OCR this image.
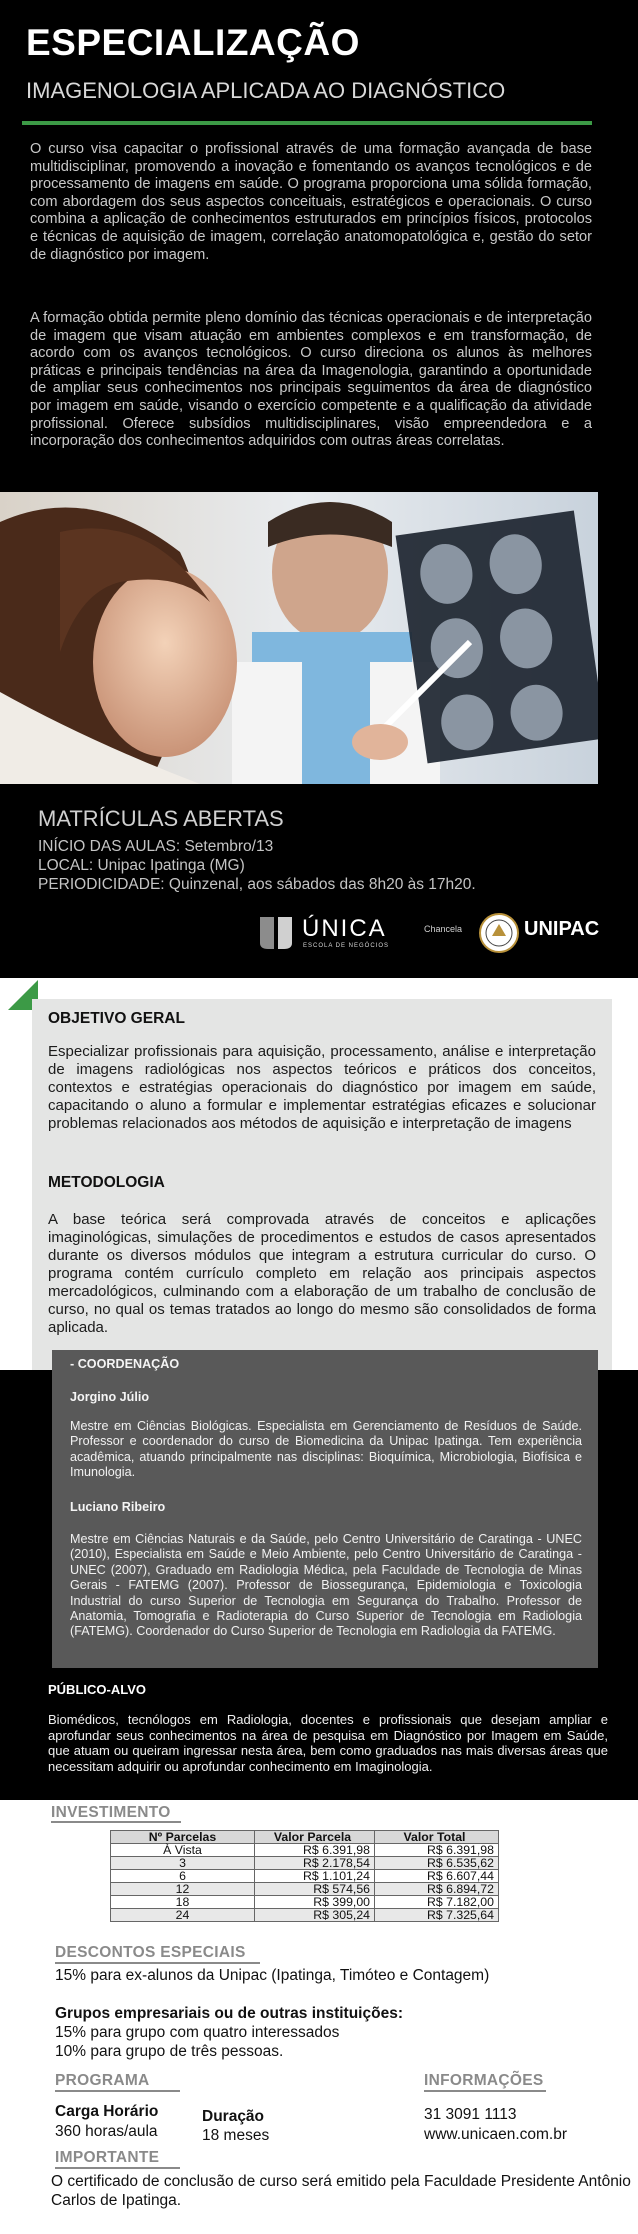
ESPECIALIZAÇÃO
IMAGENOLOGIA APLICADA AO DIAGNÓSTICO

O curso visa capacitar o profissional através de uma formação avançada de base multidisciplinar, promovendo a inovação e fomentando os avanços tecnológicos e de processamento de imagens em saúde. O programa proporciona uma sólida formação, com abordagem dos seus aspectos conceituais, estratégicos e operacionais. O curso combina a aplicação de conhecimentos estruturados em princípios físicos, protocolos e técnicas de aquisição de imagem, correlação anatomopatológica e, gestão do setor de diagnóstico por imagem.

A formação obtida permite pleno domínio das técnicas operacionais e de interpretação de imagem que visam atuação em ambientes complexos e em transformação, de acordo com os avanços tecnológicos. O curso direciona os alunos às melhores práticas e principais tendências na área da Imagenologia, garantindo a oportunidade de ampliar seus conhecimentos nos principais seguimentos da área de diagnóstico por imagem em saúde, visando o exercício competente e a qualificação da atividade profissional. Oferece subsídios multidisciplinares, visão empreendedora e a incorporação dos conhecimentos adquiridos com outras áreas correlatas.

MATRÍCULAS ABERTAS
INÍCIO DAS AULAS: Setembro/13
LOCAL: Unipac Ipatinga (MG)
PERIODICIDADE: Quinzenal, aos sábados das 8h20 às 17h20.
ÚNICA
ESCOLA DE NEGÓCIOS
Chancela	UNIPAC
OBJETIVO GERAL

Especializar profissionais para aquisição, processamento, análise e interpretação de imagens radiológicas nos aspectos teóricos e práticos dos conceitos, contextos e estratégias operacionais do diagnóstico por imagem em saúde, capacitando o aluno a formular e implementar estratégias eficazes e solucionar problemas relacionados aos métodos de aquisição e interpretação de imagens

METODOLOGIA

A base teórica será comprovada através de conceitos e aplicações imaginológicas, simulações de procedimentos e estudos de casos apresentados durante os diversos módulos que integram a estrutura curricular do curso. O programa contém currículo completo em relação aos principais aspectos mercadológicos, culminando com a elaboração de um trabalho de conclusão de curso, no qual os temas tratados ao longo do mesmo são consolidados de forma aplicada.

- COORDENAÇÃO
Jorgino Júlio

Mestre em Ciências Biológicas. Especialista em Gerenciamento de Resíduos de Saúde. Professor e coordenador do curso de Biomedicina da Unipac Ipatinga. Tem experiência acadêmica, atuando principalmente nas disciplinas: Bioquímica, Microbiologia, Biofísica e Imunologia.

Luciano Ribeiro

Mestre em Ciências Naturais e da Saúde, pelo Centro Universitário de Caratinga - UNEC (2010), Especialista em Saúde e Meio Ambiente, pelo Centro Universitário de Caratinga - UNEC (2007), Graduado em Radiologia Médica, pela Faculdade de Tecnologia de Minas Gerais - FATEMG (2007). Professor de Biossegurança, Epidemiologia e Toxicologia Industrial do curso Superior de Tecnologia em Segurança do Trabalho. Professor de Anatomia, Tomografia e Radioterapia do Curso Superior de Tecnologia em Radiologia (FATEMG). Coordenador do Curso Superior de Tecnologia em Radiologia da FATEMG.

PÚBLICO-ALVO

Biomédicos, tecnólogos em Radiologia, docentes e profissionais que desejam ampliar e aprofundar seus conhecimentos na área de pesquisa em Diagnóstico por Imagem em Saúde, que atuam ou queiram ingressar nesta área, bem como graduados nas mais diversas áreas que necessitam adquirir ou aprofundar conhecimento em Imaginologia.

INVESTIMENTO
Nº Parcelas	Valor Parcela	Valor Total
À Vista	R$ 6.391,98	R$ 6.391,98
3	R$ 2.178,54	R$ 6.535,62
6	R$ 1.101,24	R$ 6.607,44
12	R$ 574,56	R$ 6.894,72
18	R$ 399,00	R$ 7.182,00
24	R$ 305,24	R$ 7.325,64
DESCONTOS ESPECIAIS
15% para ex-alunos da Unipac (Ipatinga, Timóteo e Contagem)
Grupos empresariais ou de outras instituições:
15% para grupo com quatro interessados
10% para grupo de três pessoas.
PROGRAMA	INFORMAÇÕES
Carga Horário
360 horas/aula
Duração
18 meses
31 3091 1113
www.unicaen.com.br
IMPORTANTE

O certificado de conclusão de curso será emitido pela Faculdade Presidente Antônio Carlos de Ipatinga.
